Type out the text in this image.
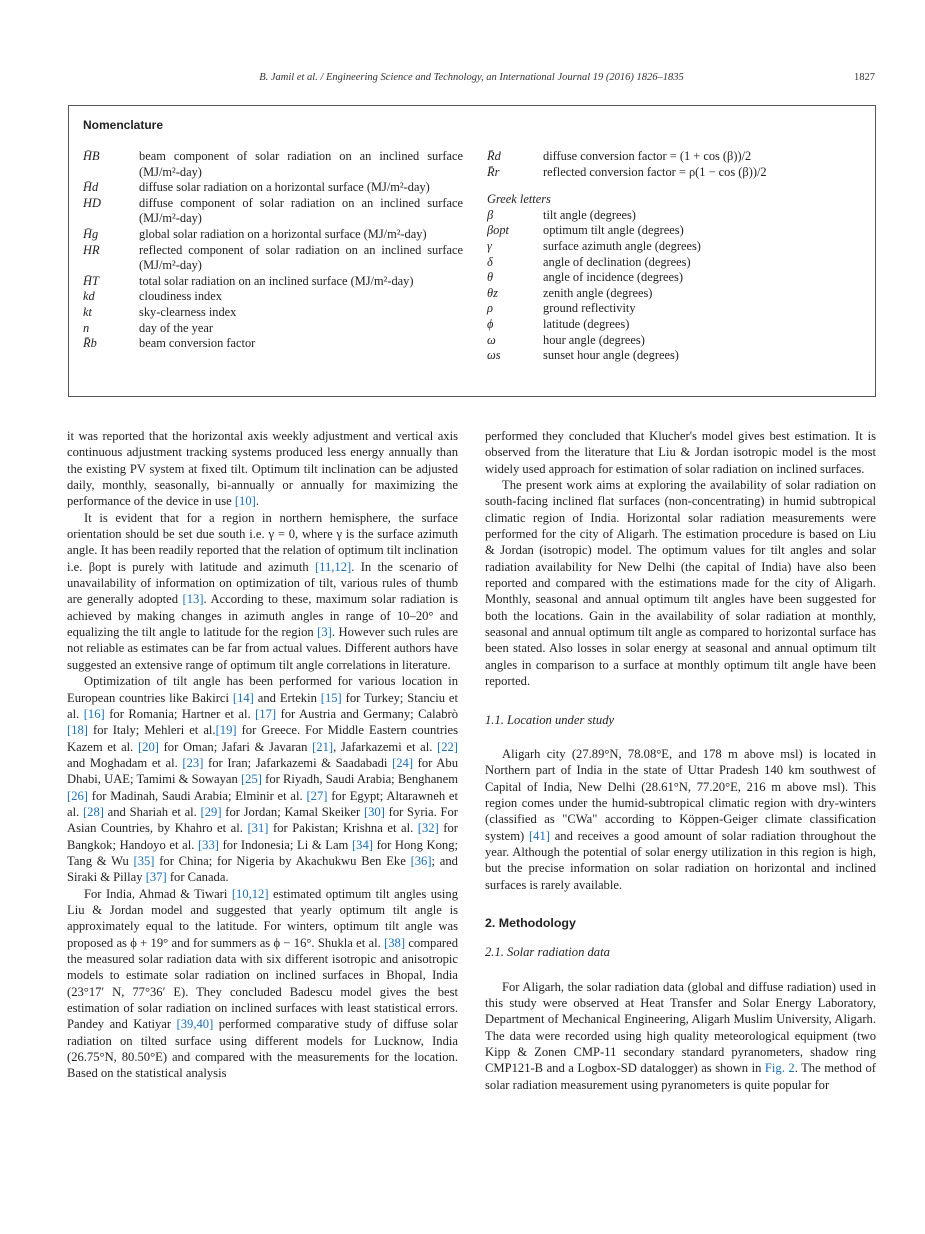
B. Jamil et al. / Engineering Science and Technology, an International Journal 19 (2016) 1826–1835	1827
Nomenclature
H̄B	beam component of solar radiation on an inclined surface (MJ/m²-day)
H̄d	diffuse solar radiation on a horizontal surface (MJ/m²-day)
HD	diffuse component of solar radiation on an inclined surface (MJ/m²-day)
H̄g	global solar radiation on a horizontal surface (MJ/m²-day)
HR	reflected component of solar radiation on an inclined surface (MJ/m²-day)
H̄T	total solar radiation on an inclined surface (MJ/m²-day)
kd	cloudiness index
kt	sky-clearness index
n	day of the year
R̄b	beam conversion factor
R̄d	diffuse conversion factor = (1 + cos (β))/2
R̄r	reflected conversion factor = ρ(1 − cos (β))/2
Greek letters
β	tilt angle (degrees)
βopt	optimum tilt angle (degrees)
γ	surface azimuth angle (degrees)
δ	angle of declination (degrees)
θ	angle of incidence (degrees)
θz	zenith angle (degrees)
ρ	ground reflectivity
ϕ	latitude (degrees)
ω	hour angle (degrees)
ωs	sunset hour angle (degrees)

it was reported that the horizontal axis weekly adjustment and vertical axis continuous adjustment tracking systems produced less energy annually than the existing PV system at fixed tilt. Optimum tilt inclination can be adjusted daily, monthly, seasonally, bi-annually or annually for maximizing the performance of the device in use [10].

It is evident that for a region in northern hemisphere, the surface orientation should be set due south i.e. γ = 0, where γ is the surface azimuth angle. It has been readily reported that the relation of optimum tilt inclination i.e. βopt is purely with latitude and azimuth [11,12]. In the scenario of unavailability of information on optimization of tilt, various rules of thumb are generally adopted [13]. According to these, maximum solar radiation is achieved by making changes in azimuth angles in range of 10–20° and equalizing the tilt angle to latitude for the region [3]. However such rules are not reliable as estimates can be far from actual values. Different authors have suggested an extensive range of optimum tilt angle correlations in literature.

Optimization of tilt angle has been performed for various location in European countries like Bakirci [14] and Ertekin [15] for Turkey; Stanciu et al. [16] for Romania; Hartner et al. [17] for Austria and Germany; Calabrò [18] for Italy; Mehleri et al.[19] for Greece. For Middle Eastern countries Kazem et al. [20] for Oman; Jafari & Javaran [21], Jafarkazemi et al. [22] and Moghadam et al. [23] for Iran; Jafarkazemi & Saadabadi [24] for Abu Dhabi, UAE; Tamimi & Sowayan [25] for Riyadh, Saudi Arabia; Benghanem [26] for Madinah, Saudi Arabia; Elminir et al. [27] for Egypt; Altarawneh et al. [28] and Shariah et al. [29] for Jordan; Kamal Skeiker [30] for Syria. For Asian Countries, by Khahro et al. [31] for Pakistan; Krishna et al. [32] for Bangkok; Handoyo et al. [33] for Indonesia; Li & Lam [34] for Hong Kong; Tang & Wu [35] for China; for Nigeria by Akachukwu Ben Eke [36]; and Siraki & Pillay [37] for Canada.

For India, Ahmad & Tiwari [10,12] estimated optimum tilt angles using Liu & Jordan model and suggested that yearly optimum tilt angle is approximately equal to the latitude. For winters, optimum tilt angle was proposed as ϕ + 19° and for summers as ϕ − 16°. Shukla et al. [38] compared the measured solar radiation data with six different isotropic and anisotropic models to estimate solar radiation on inclined surfaces in Bhopal, India (23°17′ N, 77°36′ E). They concluded Badescu model gives the best estimation of solar radiation on inclined surfaces with least statistical errors. Pandey and Katiyar [39,40] performed comparative study of diffuse solar radiation on tilted surface using different models for Lucknow, India (26.75°N, 80.50°E) and compared with the measurements for the location. Based on the statistical analysis

performed they concluded that Klucher's model gives best estimation. It is observed from the literature that Liu & Jordan isotropic model is the most widely used approach for estimation of solar radiation on inclined surfaces.

The present work aims at exploring the availability of solar radiation on south-facing inclined flat surfaces (non-concentrating) in humid subtropical climatic region of India. Horizontal solar radiation measurements were performed for the city of Aligarh. The estimation procedure is based on Liu & Jordan (isotropic) model. The optimum values for tilt angles and solar radiation availability for New Delhi (the capital of India) have also been reported and compared with the estimations made for the city of Aligarh. Monthly, seasonal and annual optimum tilt angles have been suggested for both the locations. Gain in the availability of solar radiation at monthly, seasonal and annual optimum tilt angle as compared to horizontal surface has been stated. Also losses in solar energy at seasonal and annual optimum tilt angles in comparison to a surface at monthly optimum tilt angle have been reported.

1.1. Location under study

Aligarh city (27.89°N, 78.08°E, and 178 m above msl) is located in Northern part of India in the state of Uttar Pradesh 140 km southwest of Capital of India, New Delhi (28.61°N, 77.20°E, 216 m above msl). This region comes under the humid-subtropical climatic region with dry-winters (classified as "CWa" according to Köppen-Geiger climate classification system) [41] and receives a good amount of solar radiation throughout the year. Although the potential of solar energy utilization in this region is high, but the precise information on solar radiation on horizontal and inclined surfaces is rarely available.

2. Methodology
2.1. Solar radiation data

For Aligarh, the solar radiation data (global and diffuse radiation) used in this study were observed at Heat Transfer and Solar Energy Laboratory, Department of Mechanical Engineering, Aligarh Muslim University, Aligarh. The data were recorded using high quality meteorological equipment (two Kipp & Zonen CMP-11 secondary standard pyranometers, shadow ring CMP121-B and a Logbox-SD datalogger) as shown in Fig. 2. The method of solar radiation measurement using pyranometers is quite popular for
